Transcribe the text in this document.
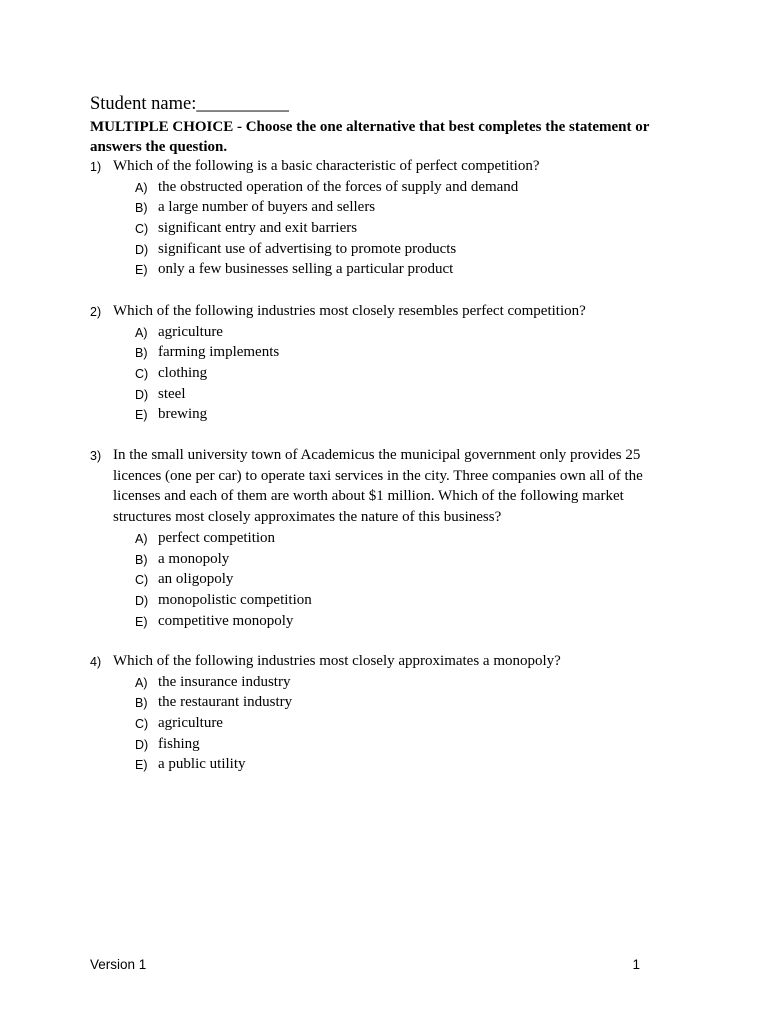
Student name:__________
MULTIPLE CHOICE - Choose the one alternative that best completes the statement or answers the question.
1) Which of the following is a basic characteristic of perfect competition?
A) the obstructed operation of the forces of supply and demand
B) a large number of buyers and sellers
C) significant entry and exit barriers
D) significant use of advertising to promote products
E) only a few businesses selling a particular product
2) Which of the following industries most closely resembles perfect competition?
A) agriculture
B) farming implements
C) clothing
D) steel
E) brewing
3) In the small university town of Academicus the municipal government only provides 25 licences (one per car) to operate taxi services in the city. Three companies own all of the licenses and each of them are worth about $1 million. Which of the following market structures most closely approximates the nature of this business?
A) perfect competition
B) a monopoly
C) an oligopoly
D) monopolistic competition
E) competitive monopoly
4) Which of the following industries most closely approximates a monopoly?
A) the insurance industry
B) the restaurant industry
C) agriculture
D) fishing
E) a public utility
Version 1	1
